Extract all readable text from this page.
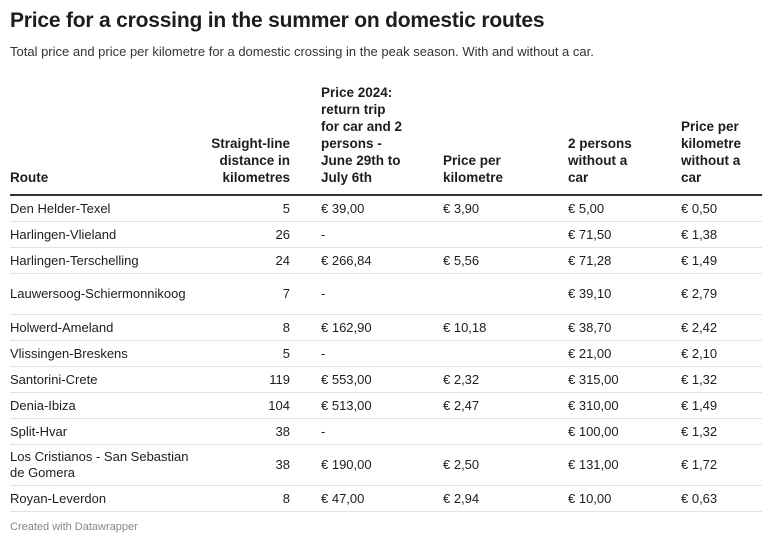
Price for a crossing in the summer on domestic routes
Total price and price per kilometre for a domestic crossing in the peak season. With and without a car.
Route	Straight-line distance in kilometres	Price 2024: return trip for car and 2 persons - June 29th to July 6th	Price per kilometre	2 persons without a car	Price per kilometre without a car
Den Helder-Texel	5	€ 39,00	€ 3,90	€ 5,00	€ 0,50
Harlingen-Vlieland	26	-		€ 71,50	€ 1,38
Harlingen-Terschelling	24	€ 266,84	€ 5,56	€ 71,28	€ 1,49
Lauwersoog-Schiermonnikoog	7	-		€ 39,10	€ 2,79
Holwerd-Ameland	8	€ 162,90	€ 10,18	€ 38,70	€ 2,42
Vlissingen-Breskens	5	-		€ 21,00	€ 2,10
Santorini-Crete	119	€ 553,00	€ 2,32	€ 315,00	€ 1,32
Denia-Ibiza	104	€ 513,00	€ 2,47	€ 310,00	€ 1,49
Split-Hvar	38	-		€ 100,00	€ 1,32
Los Cristianos - San Sebastian de Gomera	38	€ 190,00	€ 2,50	€ 131,00	€ 1,72
Royan-Leverdon	8	€ 47,00	€ 2,94	€ 10,00	€ 0,63
Created with Datawrapper
